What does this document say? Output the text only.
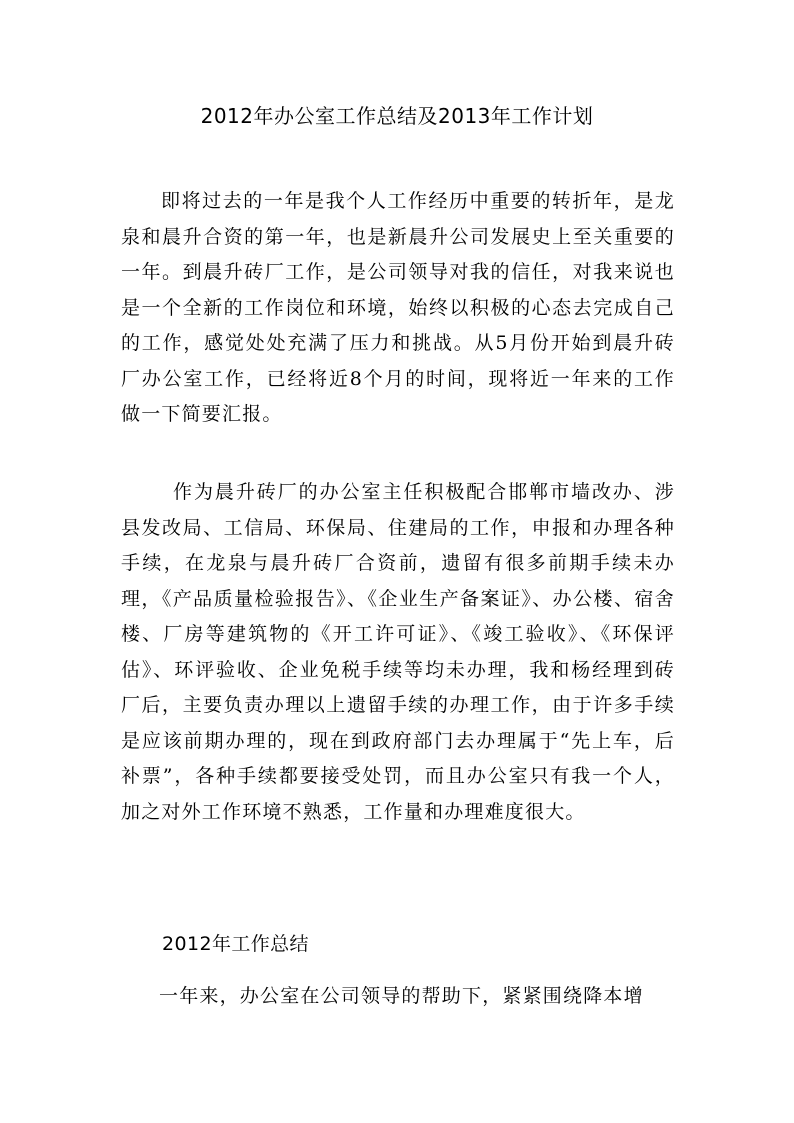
2012年办公室工作总结及2013年工作计划

即将过去的一年是我个人工作经历中重要的转折年，是龙泉和晨升合资的第一年，也是新晨升公司发展史上至关重要的一年。到晨升砖厂工作，是公司领导对我的信任，对我来说也是一个全新的工作岗位和环境，始终以积极的心态去完成自己的工作，感觉处处充满了压力和挑战。从5月份开始到晨升砖厂办公室工作，已经将近8个月的时间，现将近一年来的工作做一下简要汇报。

作为晨升砖厂的办公室主任积极配合邯郸市墙改办、涉县发改局、工信局、环保局、住建局的工作，申报和办理各种手续，在龙泉与晨升砖厂合资前，遗留有很多前期手续未办理，《产品质量检验报告》、《企业生产备案证》、办公楼、宿舍楼、厂房等建筑物的《开工许可证》、《竣工验收》、《环保评估》、环评验收、企业免税手续等均未办理，我和杨经理到砖厂后，主要负责办理以上遗留手续的办理工作，由于许多手续是应该前期办理的，现在到政府部门去办理属于“先上车，后补票”，各种手续都要接受处罚，而且办公室只有我一个人，加之对外工作环境不熟悉，工作量和办理难度很大。

2012年工作总结

一年来，办公室在公司领导的帮助下，紧紧围绕降本增
